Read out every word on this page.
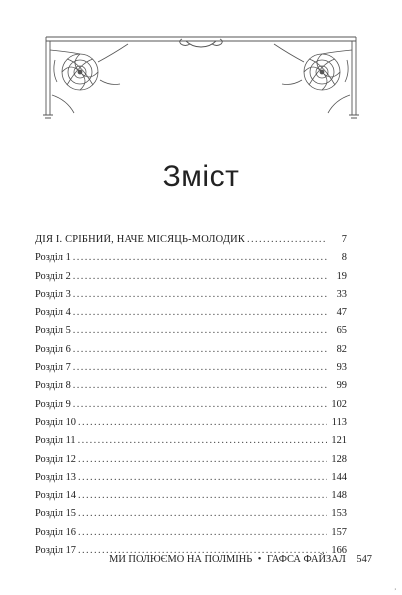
Зміст
ДІЯ І. СРІБНИЙ, НАЧЕ МІСЯЦЬ-МОЛОДИК . . .	7
Розділ 1 . . .	8
Розділ 2 . . .	19
Розділ 3 . . .	33
Розділ 4 . . .	47
Розділ 5 . . .	65
Розділ 6 . . .	82
Розділ 7 . . .	93
Розділ 8 . . .	99
Розділ 9 . . .	102
Розділ 10 . . .	113
Розділ 11 . . .	121
Розділ 12 . . .	128
Розділ 13 . . .	144
Розділ 14 . . .	148
Розділ 15 . . .	153
Розділ 16 . . .	157
Розділ 17 . . .	166
МИ ПОЛЮЄМО НА ПОЛМІНЬ • ГАФСА ФАЙЗАЛ 547
,
